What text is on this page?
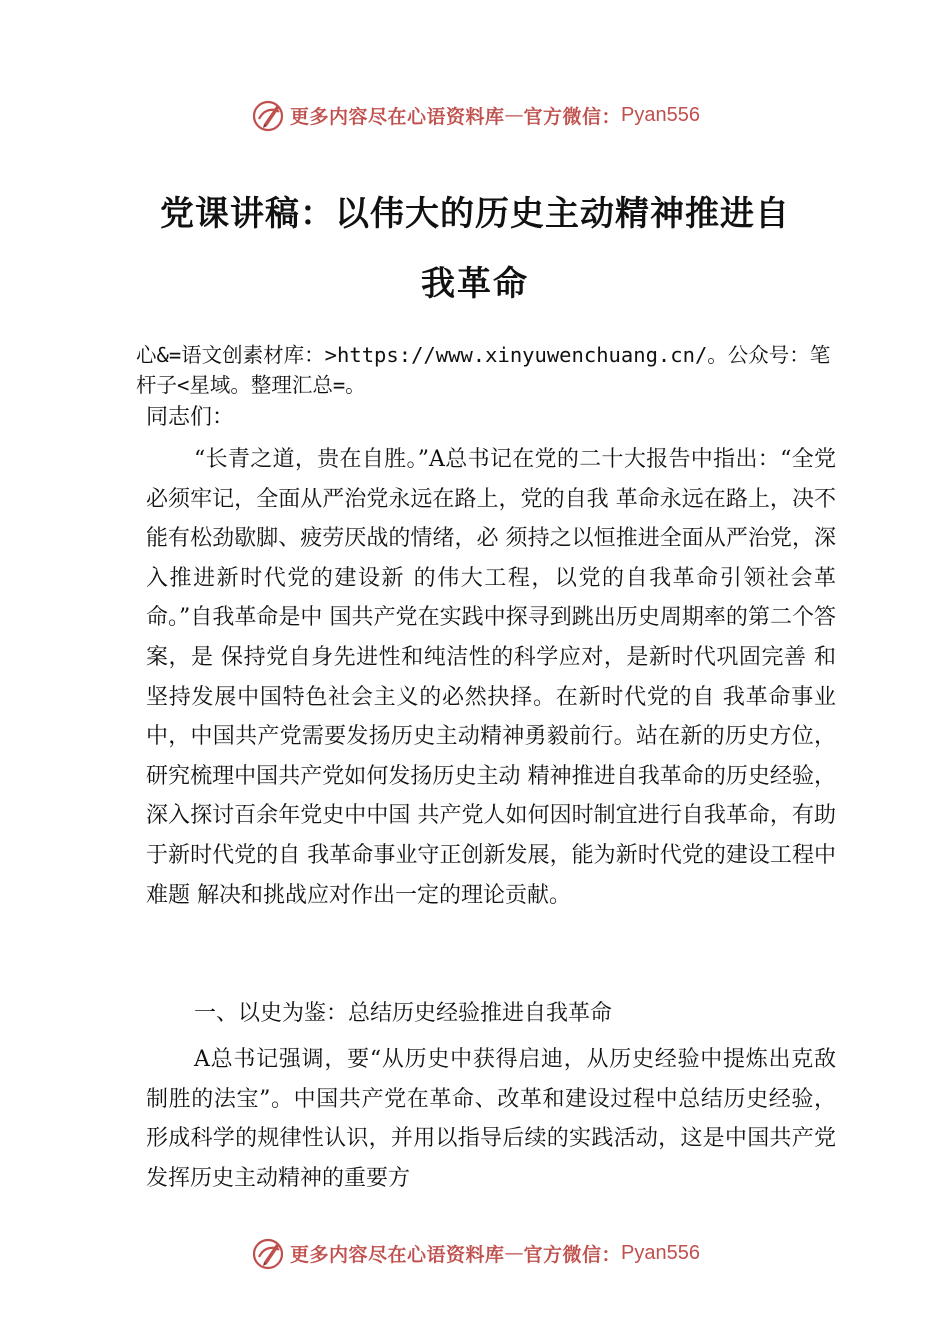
更多内容尽在心语资料库 — 官方微信： Pyan556
党课讲稿：以伟大的历史主动精神推进自
我革命
心&=语文创素材库：>https://www.xinyuwenchuang.cn/。公众号：笔杆子<星域。整理汇总=。
同志们：

“长青之道，贵在自胜。”A总书记在党的二十大报告中指出：“全党必须牢记，全面从严治党永远在路上，党的自我 革命永远在路上，决不能有松劲歇脚、疲劳厌战的情绪，必 须持之以恒推进全面从严治党，深入推进新时代党的建设新 的伟大工程，以党的自我革命引领社会革命。”自我革命是中 国共产党在实践中探寻到跳出历史周期率的第二个答案，是 保持党自身先进性和纯洁性的科学应对，是新时代巩固完善 和坚持发展中国特色社会主义的必然抉择。在新时代党的自 我革命事业中，中国共产党需要发扬历史主动精神勇毅前行。站在新的历史方位，研究梳理中国共产党如何发扬历史主动 精神推进自我革命的历史经验，深入探讨百余年党史中中国 共产党人如何因时制宜进行自我革命，有助于新时代党的自 我革命事业守正创新发展，能为新时代党的建设工程中难题 解决和挑战应对作出一定的理论贡献。

一、以史为鉴：总结历史经验推进自我革命

A总书记强调，要“从历史中获得启迪，从历史经验中提炼出克敌制胜的法宝”。中国共产党在革命、改革和建设过程中总结历史经验，形成科学的规律性认识，并用以指导后续的实践活动，这是中国共产党发挥历史主动精神的重要方

更多内容尽在心语资料库 — 官方微信： Pyan556
